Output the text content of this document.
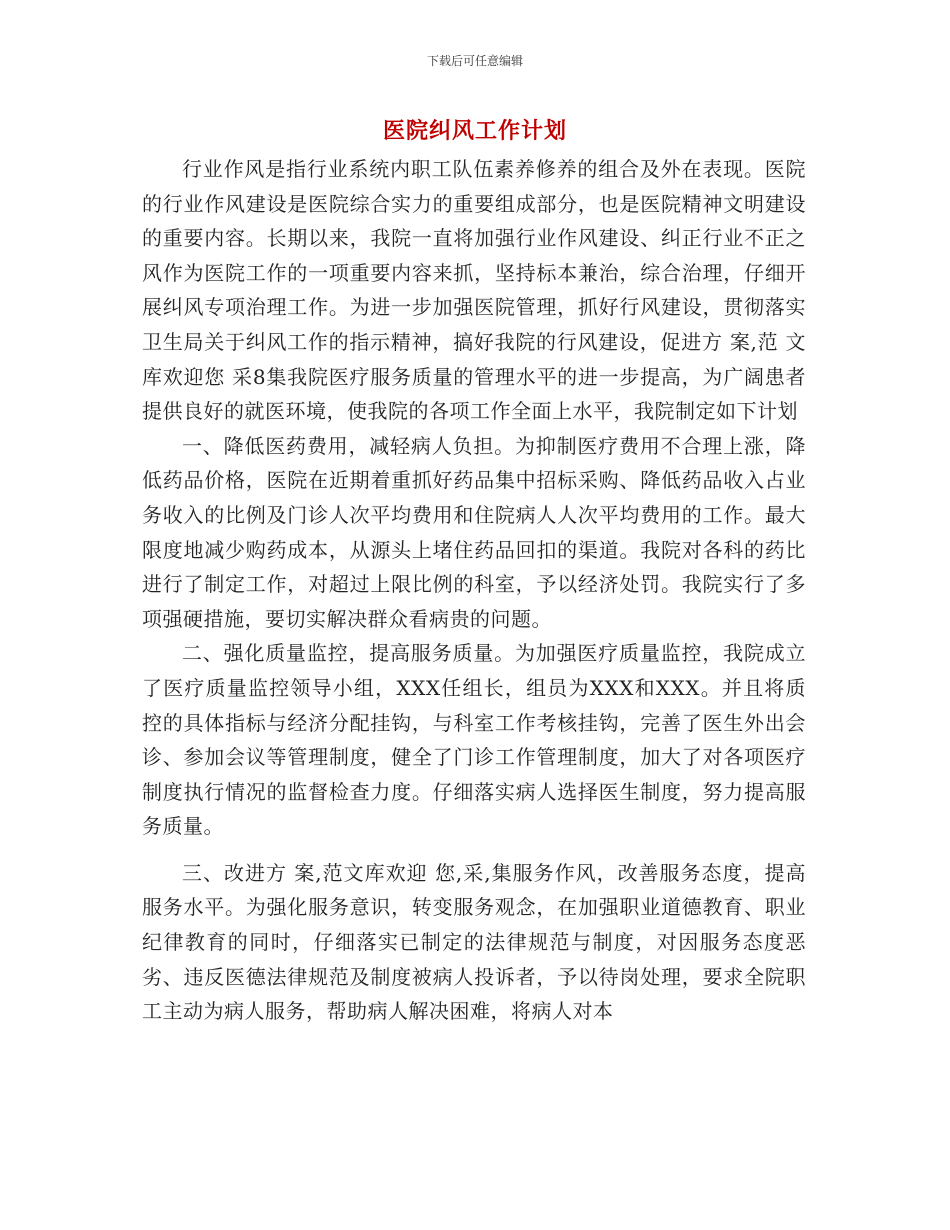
下载后可任意编辑
医院纠风工作计划

行业作风是指行业系统内职工队伍素养修养的组合及外在表现。医院的行业作风建设是医院综合实力的重要组成部分，也是医院精神文明建设的重要内容。长期以来，我院一直将加强行业作风建设、纠正行业不正之风作为医院工作的一项重要内容来抓，坚持标本兼治，综合治理，仔细开展纠风专项治理工作。为进一步加强医院管理，抓好行风建设，贯彻落实卫生局关于纠风工作的指示精神，搞好我院的行风建设，促进方 案,范 文库欢迎您 采8集我院医疗服务质量的管理水平的进一步提高，为广阔患者提供良好的就医环境，使我院的各项工作全面上水平，我院制定如下计划

一、降低医药费用，减轻病人负担。为抑制医疗费用不合理上涨，降低药品价格，医院在近期着重抓好药品集中招标采购、降低药品收入占业务收入的比例及门诊人次平均费用和住院病人人次平均费用的工作。最大限度地减少购药成本，从源头上堵住药品回扣的渠道。我院对各科的药比进行了制定工作，对超过上限比例的科室，予以经济处罚。我院实行了多项强硬措施，要切实解决群众看病贵的问题。

二、强化质量监控，提高服务质量。为加强医疗质量监控，我院成立了医疗质量监控领导小组，XXX任组长，组员为XXX和XXX。并且将质控的具体指标与经济分配挂钩，与科室工作考核挂钩，完善了医生外出会诊、参加会议等管理制度，健全了门诊工作管理制度，加大了对各项医疗制度执行情况的监督检查力度。仔细落实病人选择医生制度，努力提高服务质量。

三、改进方 案,范文库欢迎 您,采,集服务作风，改善服务态度，提高服务水平。为强化服务意识，转变服务观念，在加强职业道德教育、职业纪律教育的同时，仔细落实已制定的法律规范与制度，对因服务态度恶劣、违反医德法律规范及制度被病人投诉者，予以待岗处理，要求全院职工主动为病人服务，帮助病人解决困难，将病人对本
